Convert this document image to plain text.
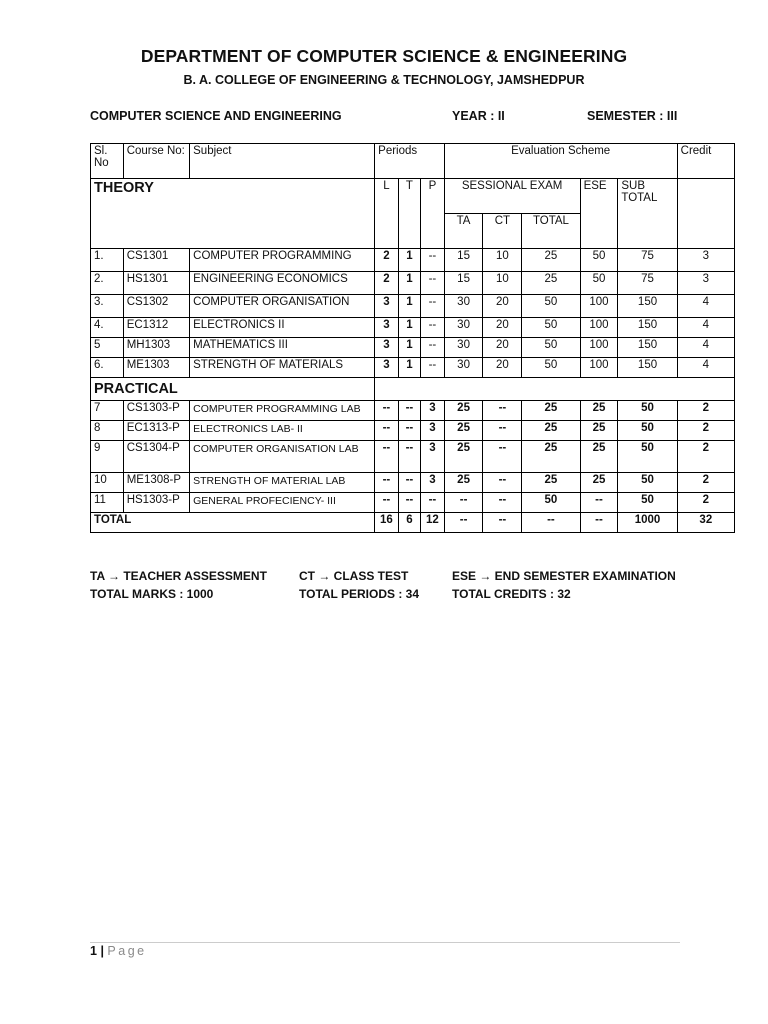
DEPARTMENT OF COMPUTER SCIENCE & ENGINEERING
B. A. COLLEGE OF ENGINEERING & TECHNOLOGY, JAMSHEDPUR
COMPUTER SCIENCE AND ENGINEERING	YEAR : II	SEMESTER : III
Sl. No	Course No:	Subject	Periods			Evaluation Scheme					Credit
THEORY			L	T	P	SESSIONAL EXAM			ESE	SUB TOTAL	
						TA	CT	TOTAL			
1.	CS1301	COMPUTER PROGRAMMING	2	1	--	15	10	25	50	75	3
2.	HS1301	ENGINEERING ECONOMICS	2	1	--	15	10	25	50	75	3
3.	CS1302	COMPUTER ORGANISATION	3	1	--	30	20	50	100	150	4
4.	EC1312	ELECTRONICS II	3	1	--	30	20	50	100	150	4
5	MH1303	MATHEMATICS III	3	1	--	30	20	50	100	150	4
6.	ME1303	STRENGTH OF MATERIALS	3	1	--	30	20	50	100	150	4
PRACTICAL											
7	CS1303-P	COMPUTER PROGRAMMING LAB	--	--	3	25	--	25	25	50	2
8	EC1313-P	ELECTRONICS LAB- II	--	--	3	25	--	25	25	50	2
9	CS1304-P	COMPUTER ORGANISATION LAB	--	--	3	25	--	25	25	50	2
10	ME1308-P	STRENGTH OF MATERIAL LAB	--	--	3	25	--	25	25	50	2
11	HS1303-P	GENERAL PROFECIENCY- III	--	--	--	--	--	50	--	50	2
TOTAL			16	6	12	--	--	--	--	1000	32
TA → TEACHER ASSESSMENT	CT → CLASS TEST	ESE → END SEMESTER EXAMINATION
TOTAL MARKS : 1000	TOTAL PERIODS : 34	TOTAL CREDITS : 32
1 | Page
